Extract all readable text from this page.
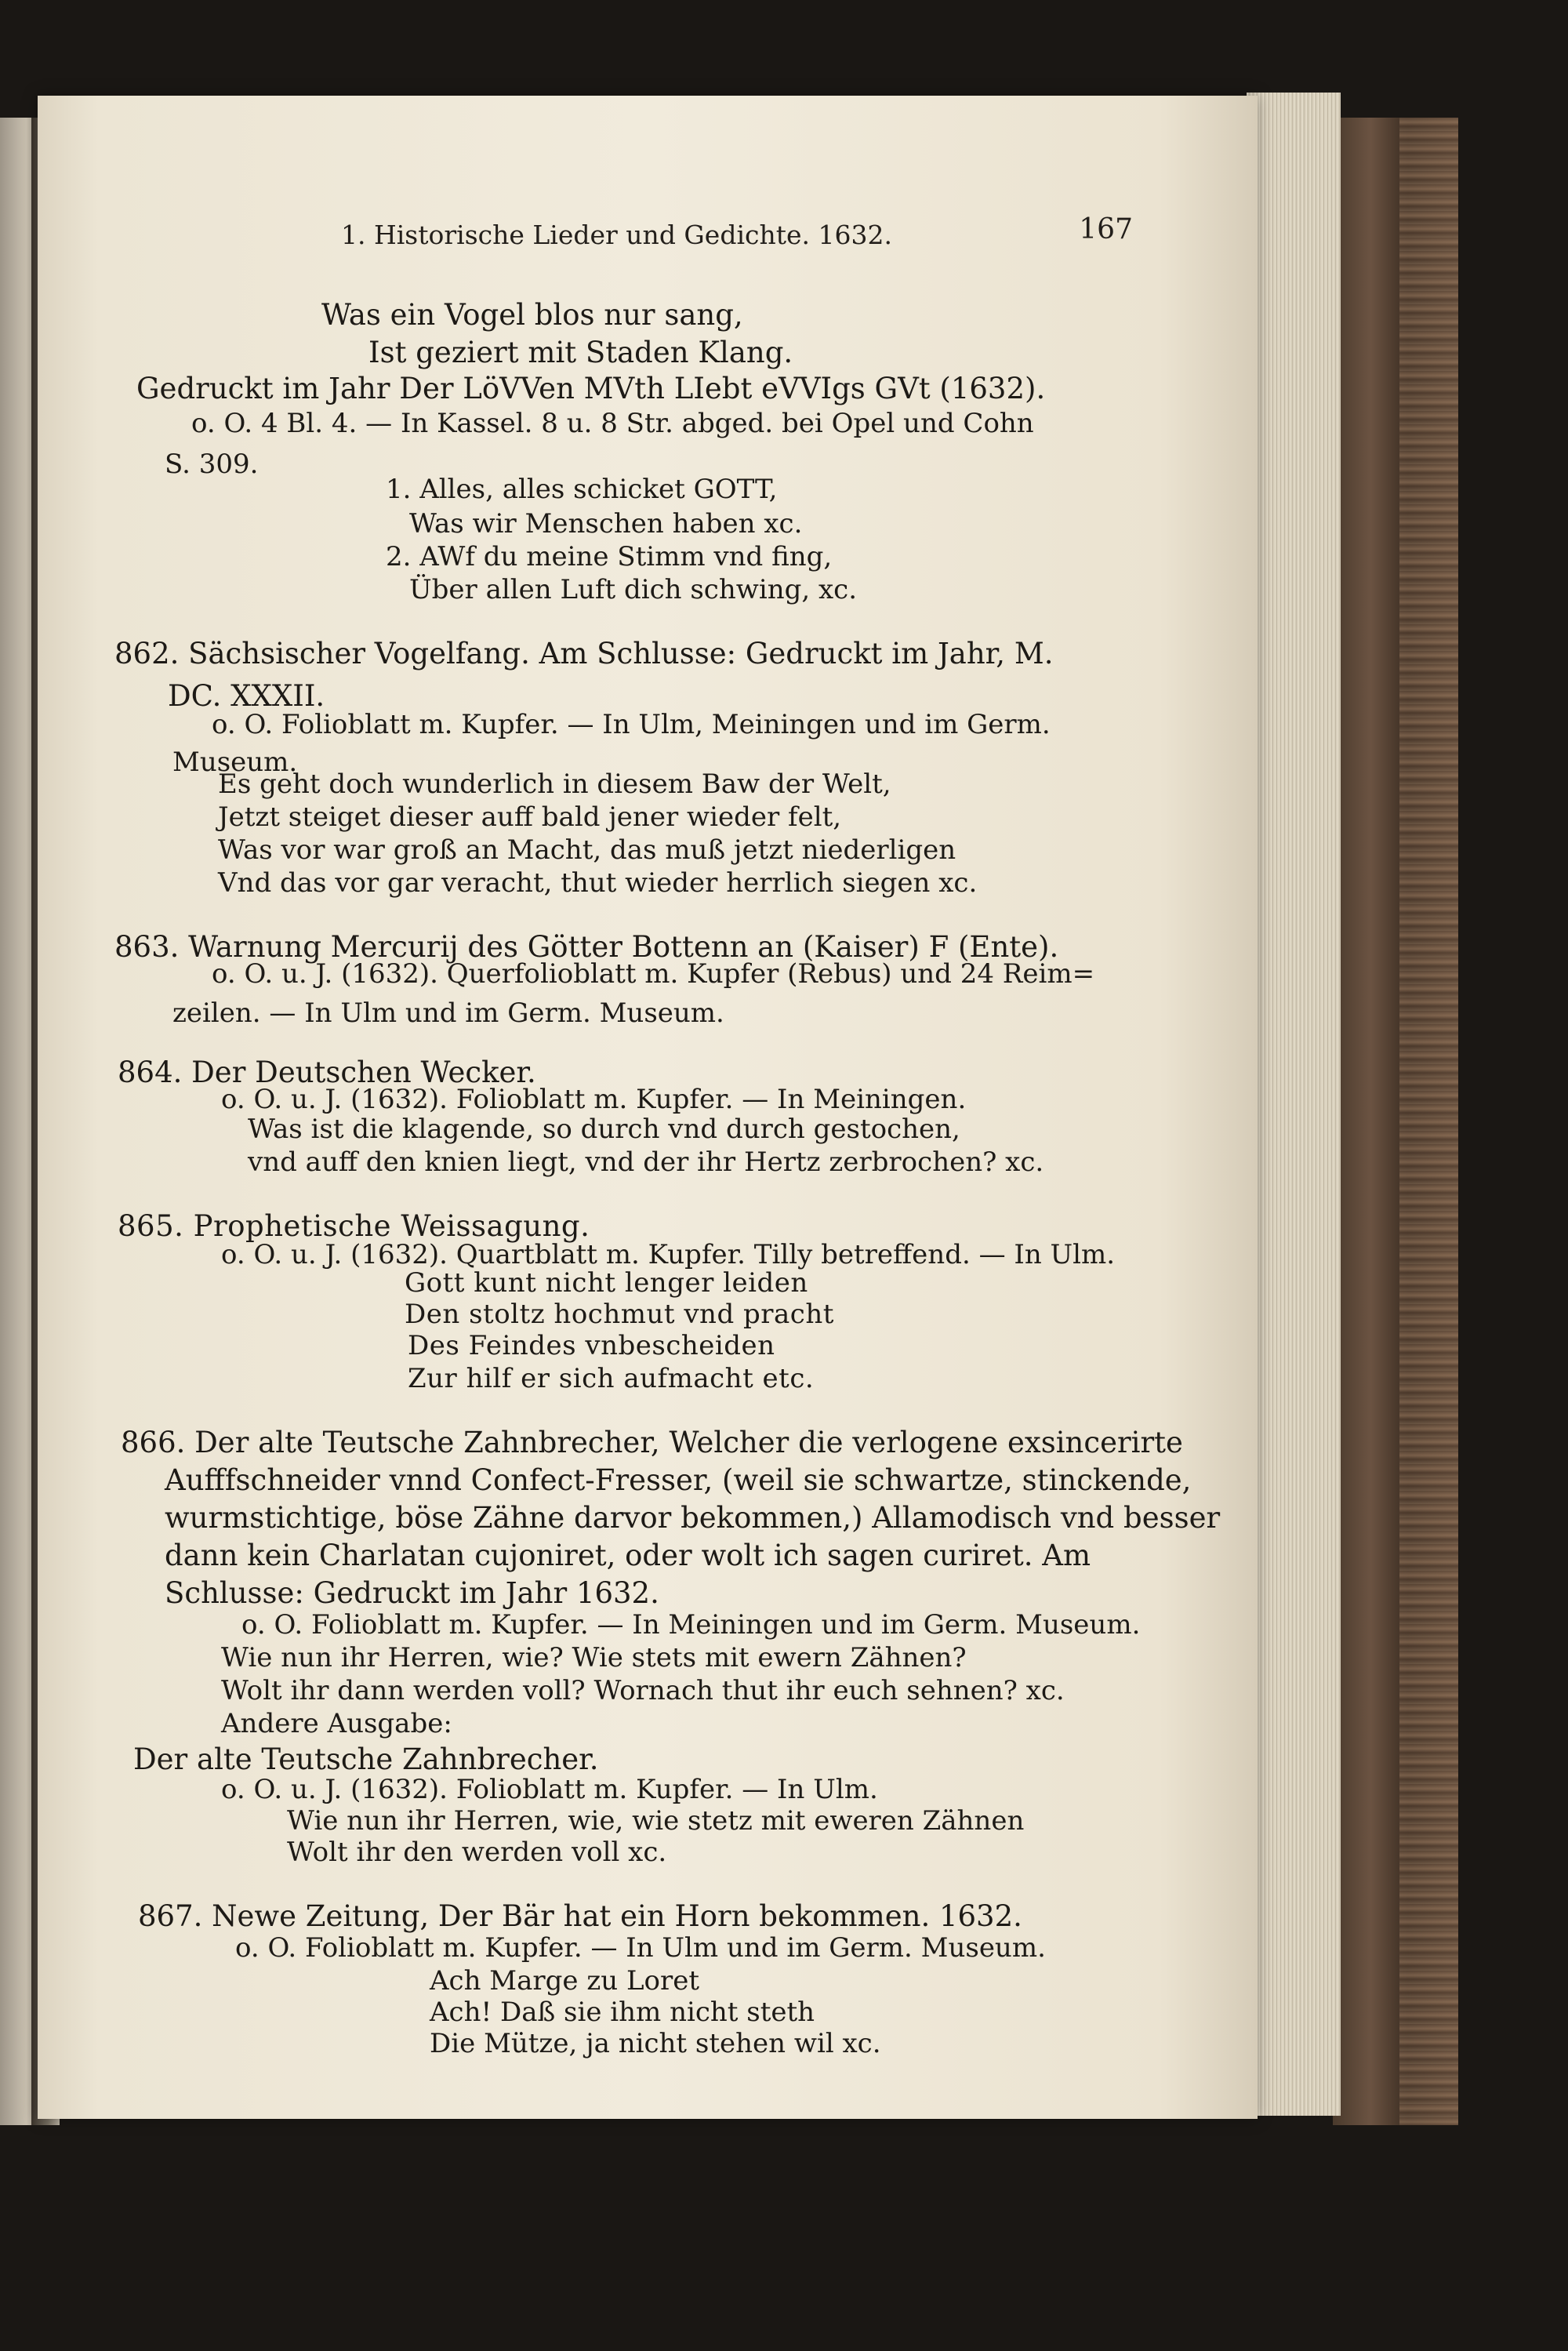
1. Historische Lieder und Gedichte. 1632.	167
Was ein Vogel blos nur sang,
Ist geziert mit Staden Klang.
Gedruckt im Jahr Der LöVVen MVth LIebt eVVIgs GVt (1632).
o. O. 4 Bl. 4. — In Kassel. 8 u. 8 Str. abged. bei Opel und Cohn
S. 309.
1. Alles, alles schicket GOTT,
Was wir Menschen haben xc.
2. AWf du meine Stimm vnd fing,
Über allen Luft dich schwing, xc.
862. Sächsischer Vogelfang. Am Schlusse: Gedruckt im Jahr, M.
DC. XXXII.
o. O. Folioblatt m. Kupfer. — In Ulm, Meiningen und im Germ.
Museum.
Es geht doch wunderlich in diesem Baw der Welt,
Jetzt steiget dieser auff bald jener wieder felt,
Was vor war groß an Macht, das muß jetzt niederligen
Vnd das vor gar veracht, thut wieder herrlich siegen xc.
863. Warnung Mercurij des Götter Bottenn an (Kaiser) F (Ente).
o. O. u. J. (1632). Querfolioblatt m. Kupfer (Rebus) und 24 Reim=
zeilen. — In Ulm und im Germ. Museum.
864. Der Deutschen Wecker.
o. O. u. J. (1632). Folioblatt m. Kupfer. — In Meiningen.
Was ist die klagende, so durch vnd durch gestochen,
vnd auff den knien liegt, vnd der ihr Hertz zerbrochen? xc.
865. Prophetische Weissagung.
o. O. u. J. (1632). Quartblatt m. Kupfer. Tilly betreffend. — In Ulm.
Gott kunt nicht lenger leiden
Den stoltz hochmut vnd pracht
Des Feindes vnbescheiden
Zur hilf er sich aufmacht etc.
866. Der alte Teutsche Zahnbrecher, Welcher die verlogene exsincerirte
Aufffschneider vnnd Confect-Fresser, (weil sie schwartze, stinckende,
wurmstichtige, böse Zähne darvor bekommen,) Allamodisch vnd besser
dann kein Charlatan cujoniret, oder wolt ich sagen curiret. Am
Schlusse: Gedruckt im Jahr 1632.
o. O. Folioblatt m. Kupfer. — In Meiningen und im Germ. Museum.
Wie nun ihr Herren, wie? Wie stets mit ewern Zähnen?
Wolt ihr dann werden voll? Wornach thut ihr euch sehnen? xc.
Andere Ausgabe:
Der alte Teutsche Zahnbrecher.
o. O. u. J. (1632). Folioblatt m. Kupfer. — In Ulm.
Wie nun ihr Herren, wie, wie stetz mit eweren Zähnen
Wolt ihr den werden voll xc.
867. Newe Zeitung, Der Bär hat ein Horn bekommen. 1632.
o. O. Folioblatt m. Kupfer. — In Ulm und im Germ. Museum.
Ach Marge zu Loret
Ach! Daß sie ihm nicht steth
Die Mütze, ja nicht stehen wil xc.
